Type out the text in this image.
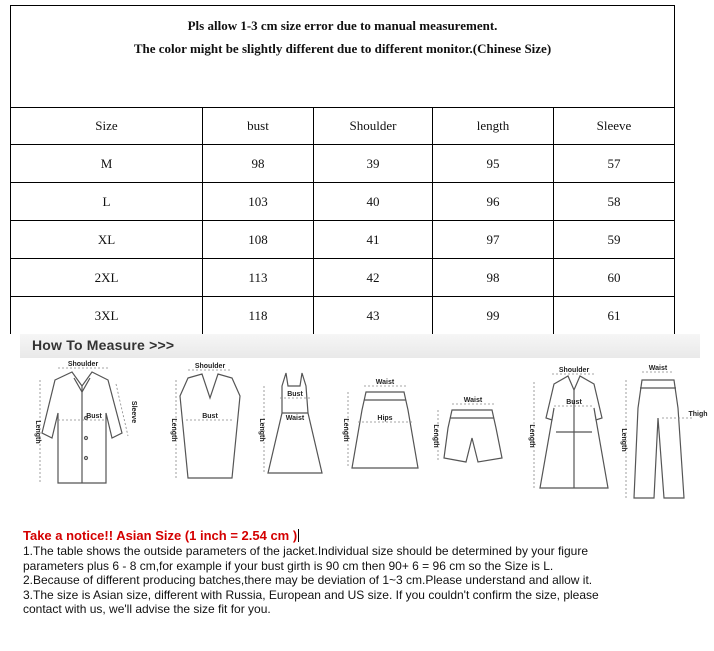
Pls allow 1-3 cm size error due to manual measurement.
The color might be slightly different due to different monitor.(Chinese Size)				

Size	bust	Shoulder	length	Sleeve
M	98	39	95	57
L	103	40	96	58
XL	108	41	97	59
2XL	113	42	98	60
3XL	118	43	99	61
How To Measure >>>
Shoulder
Bust
Length
Sleeve
Shoulder
Bust
Length
Bust
Waist
Length
Waist
Hips
Length
Waist
Length
Shoulder
Bust
Length
Waist
Thigh
Length
Take a notice!! Asian Size (1 inch = 2.54 cm )
1.The table shows the outside parameters of the jacket.Individual size should be determined by your figure
parameters plus 6 - 8 cm,for example if your bust girth is 90 cm then 90+ 6 = 96 cm so the Size is L.
2.Because of different producing batches,there may be deviation of 1~3 cm.Please understand and allow it.
3.The size is Asian size, different with Russia, European and US size. If you couldn't confirm the size, please
contact with us, we'll advise the size fit for you.
